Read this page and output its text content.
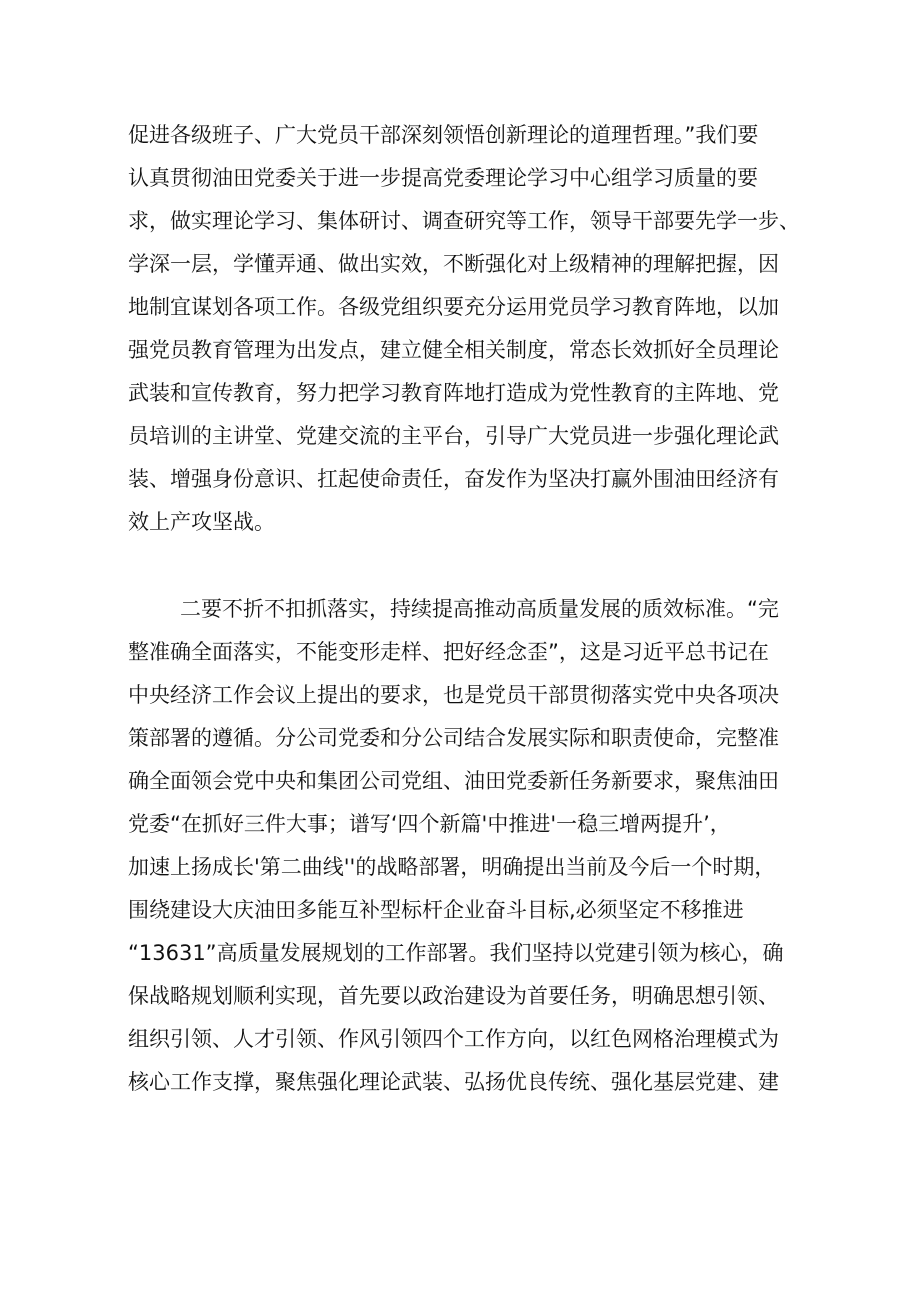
促进各级班子、广大党员干部深刻领悟创新理论的道理哲理。”我们要
认真贯彻油田党委关于进一步提高党委理论学习中心组学习质量的要
求，做实理论学习、集体研讨、调查研究等工作，领导干部要先学一步、
学深一层，学懂弄通、做出实效，不断强化对上级精神的理解把握，因
地制宜谋划各项工作。各级党组织要充分运用党员学习教育阵地，以加
强党员教育管理为出发点，建立健全相关制度，常态长效抓好全员理论
武装和宣传教育，努力把学习教育阵地打造成为党性教育的主阵地、党
员培训的主讲堂、党建交流的主平台，引导广大党员进一步强化理论武
装、增强身份意识、扛起使命责任，奋发作为坚决打赢外围油田经济有
效上产攻坚战。
二要不折不扣抓落实，持续提高推动高质量发展的质效标准。“完
整准确全面落实，不能变形走样、把好经念歪”，这是习近平总书记在
中央经济工作会议上提出的要求，也是党员干部贯彻落实党中央各项决
策部署的遵循。分公司党委和分公司结合发展实际和职责使命，完整准
确全面领会党中央和集团公司党组、油田党委新任务新要求，聚焦油田
党委“在抓好三件大事；谱写‘四个新篇'中推进'一稳三增两提升’，
加速上扬成长'第二曲线''的战略部署，明确提出当前及今后一个时期，
围绕建设大庆油田多能互补型标杆企业奋斗目标,必须坚定不移推进
“13631”高质量发展规划的工作部署。我们坚持以党建引领为核心，确
保战略规划顺利实现，首先要以政治建设为首要任务，明确思想引领、
组织引领、人才引领、作风引领四个工作方向，以红色网格治理模式为
核心工作支撑，聚焦强化理论武装、弘扬优良传统、强化基层党建、建
